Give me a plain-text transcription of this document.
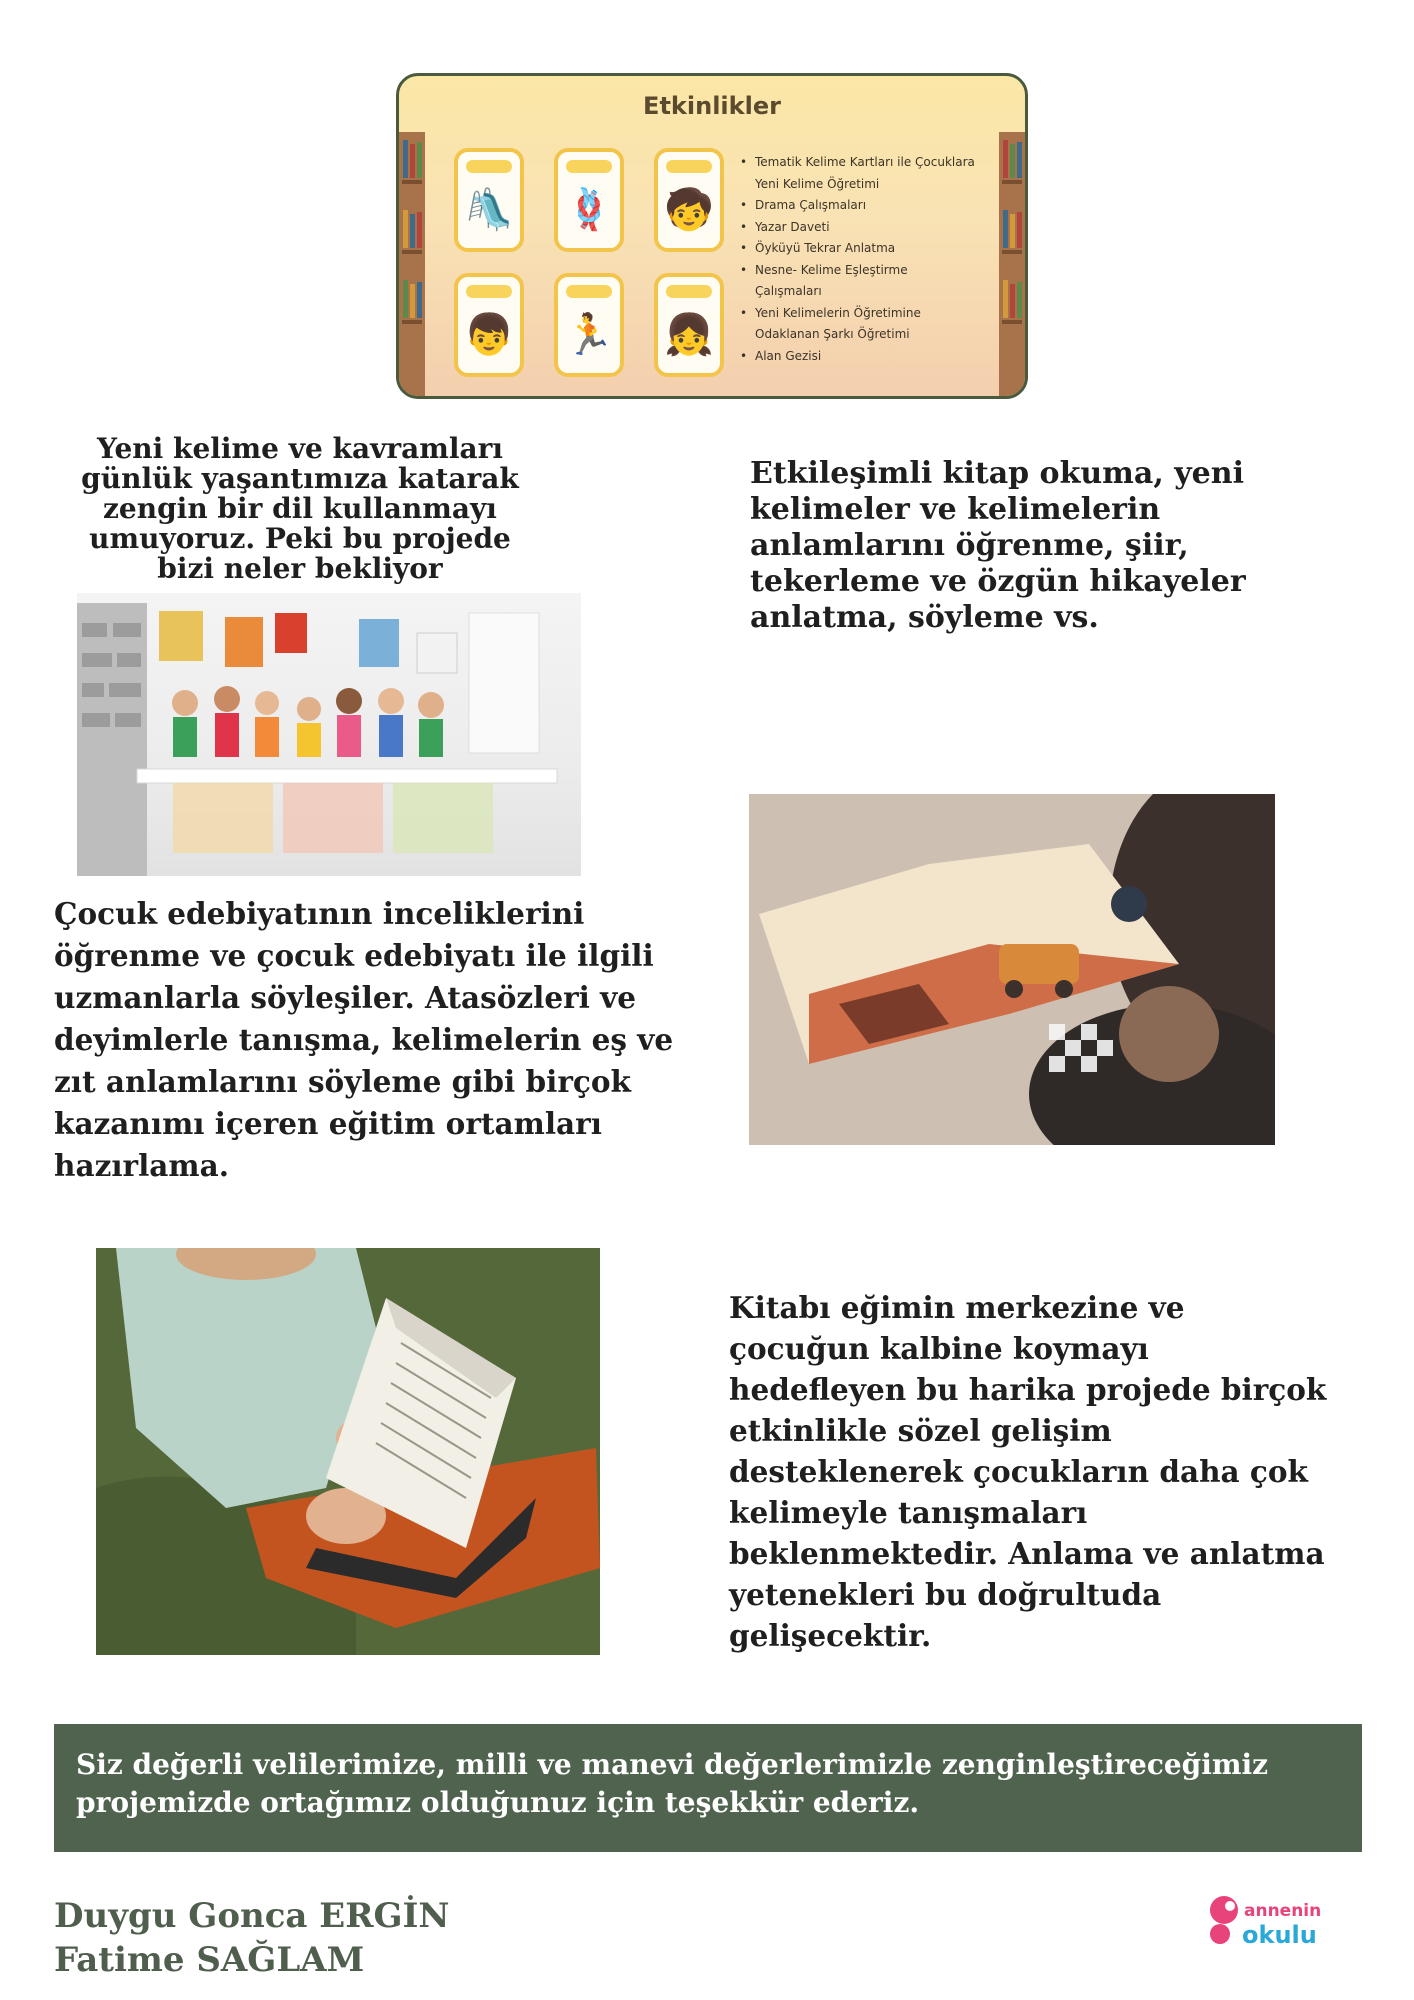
Etkinlikler
🛝 🪢 🧒
👦 🏃 👧
• Tematik Kelime Kartları ile Çocuklara Yeni Kelime Öğretimi
• Drama Çalışmaları
• Yazar Daveti
• Öyküyü Tekrar Anlatma
• Nesne- Kelime Eşleştirme Çalışmaları
• Yeni Kelimelerin Öğretimine Odaklanan Şarkı Öğretimi
• Alan Gezisi
Yeni kelime ve kavramları günlük yaşantımıza katarak zengin bir dil kullanmayı umuyoruz. Peki bu projede bizi neler bekliyor
Etkileşimli kitap okuma, yeni kelimeler ve kelimelerin anlamlarını öğrenme, şiir, tekerleme ve özgün hikayeler anlatma, söyleme vs.
Çocuk edebiyatının inceliklerini öğrenme ve çocuk edebiyatı ile ilgili uzmanlarla söyleşiler. Atasözleri ve deyimlerle tanışma, kelimelerin eş ve zıt anlamlarını söyleme gibi birçok kazanımı içeren eğitim ortamları hazırlama.
Kitabı eğimin merkezine ve çocuğun kalbine koymayı hedefleyen bu harika projede birçok etkinlikle sözel gelişim desteklenerek çocukların daha çok kelimeyle tanışmaları beklenmektedir. Anlama ve anlatma yetenekleri bu doğrultuda gelişecektir.
Siz değerli velilerimize, milli ve manevi değerlerimizle zenginleştireceğimiz projemizde ortağımız olduğunuz için teşekkür ederiz.
Duygu Gonca ERGİN
Fatime SAĞLAM
annenin
okulu
